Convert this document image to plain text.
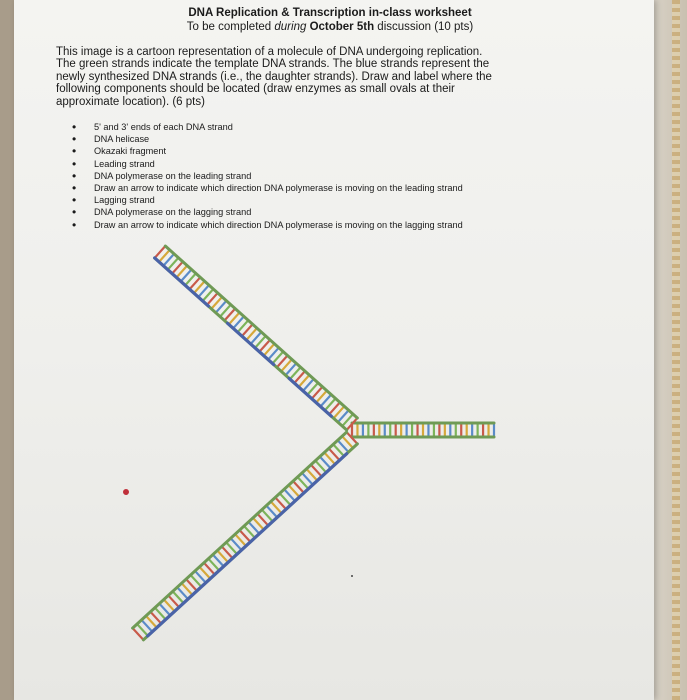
DNA Replication & Transcription in-class worksheet
To be completed during October 5th discussion (10 pts)
This image is a cartoon representation of a molecule of DNA undergoing replication.
The green strands indicate the template DNA strands. The blue strands represent the
newly synthesized DNA strands (i.e., the daughter strands). Draw and label where the
following components should be located (draw enzymes as small ovals at their
approximate location). (6 pts)
• 5' and 3' ends of each DNA strand
• DNA helicase
• Okazaki fragment
• Leading strand
• DNA polymerase on the leading strand
• Draw an arrow to indicate which direction DNA polymerase is moving on the leading strand
• Lagging strand
• DNA polymerase on the lagging strand
• Draw an arrow to indicate which direction DNA polymerase is moving on the lagging strand
